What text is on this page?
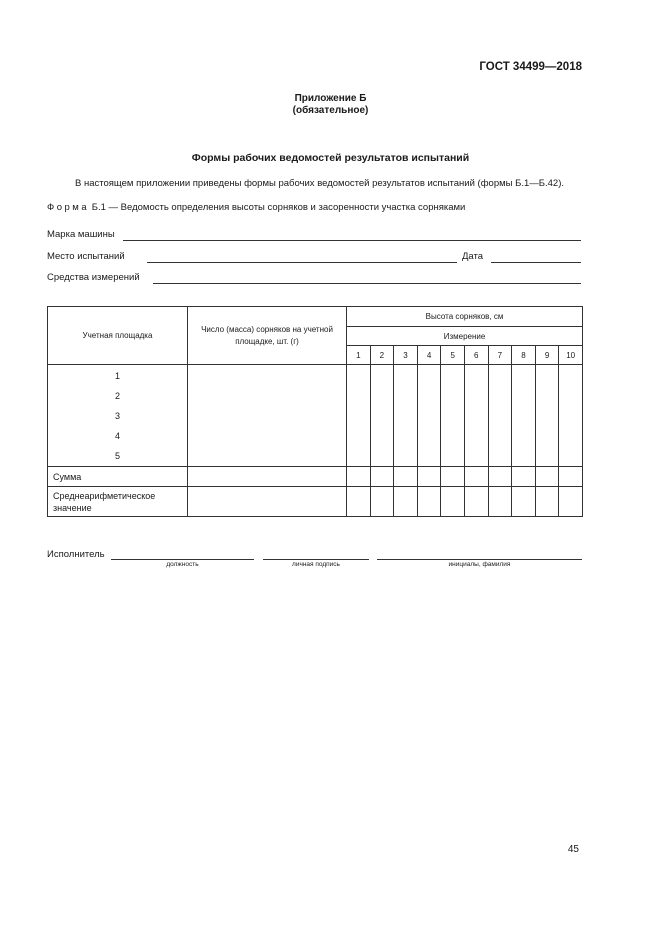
ГОСТ 34499—2018
Приложение Б
(обязательное)
Формы рабочих ведомостей результатов испытаний
В настоящем приложении приведены формы рабочих ведомостей результатов испытаний (формы Б.1—Б.42).
Форма Б.1 — Ведомость определения высоты сорняков и засоренности участка сорняками
Марка машины
Место испытаний	Дата
Средства измерений
Учетная площадка	Число (масса) сорняков на учетной площадке, шт. (г)	Высота сорняков, см									
		Измерение									
		1	2	3	4	5	6	7	8	9	10

1
2
3
4
5											

Сумма											
Среднеарифметическое значение											
Исполнитель
должность	личная подпись	инициалы, фамилия
45
